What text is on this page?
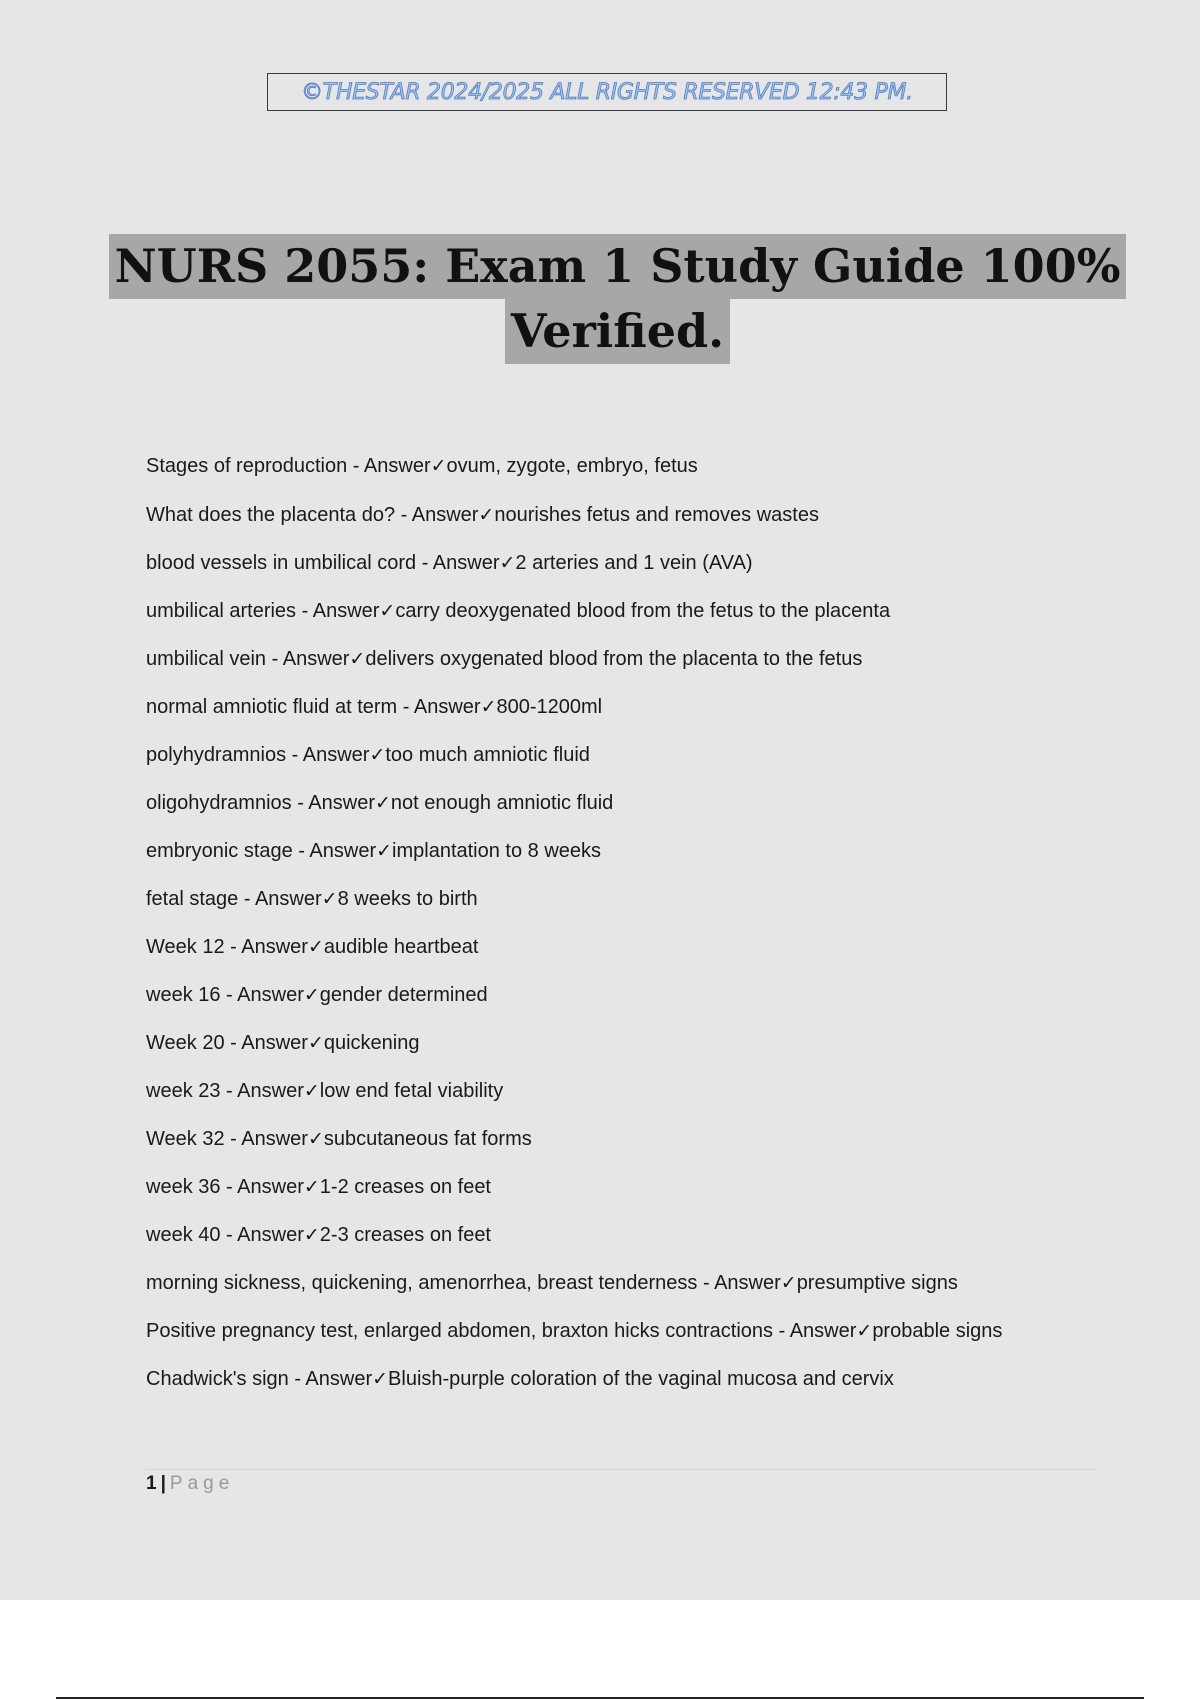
©THESTAR 2024/2025 ALL RIGHTS RESERVED 12:43 PM.
NURS 2055: Exam 1 Study Guide 100%
Verified.
Stages of reproduction - Answer✓ovum, zygote, embryo, fetus
What does the placenta do? - Answer✓nourishes fetus and removes wastes
blood vessels in umbilical cord - Answer✓2 arteries and 1 vein (AVA)
umbilical arteries - Answer✓carry deoxygenated blood from the fetus to the placenta
umbilical vein - Answer✓delivers oxygenated blood from the placenta to the fetus
normal amniotic fluid at term - Answer✓800-1200ml
polyhydramnios - Answer✓too much amniotic fluid
oligohydramnios - Answer✓not enough amniotic fluid
embryonic stage - Answer✓implantation to 8 weeks
fetal stage - Answer✓8 weeks to birth
Week 12 - Answer✓audible heartbeat
week 16 - Answer✓gender determined
Week 20 - Answer✓quickening
week 23 - Answer✓low end fetal viability
Week 32 - Answer✓subcutaneous fat forms
week 36 - Answer✓1-2 creases on feet
week 40 - Answer✓2-3 creases on feet
morning sickness, quickening, amenorrhea, breast tenderness - Answer✓presumptive signs
Positive pregnancy test, enlarged abdomen, braxton hicks contractions - Answer✓probable signs
Chadwick's sign - Answer✓Bluish-purple coloration of the vaginal mucosa and cervix
1 | Page
